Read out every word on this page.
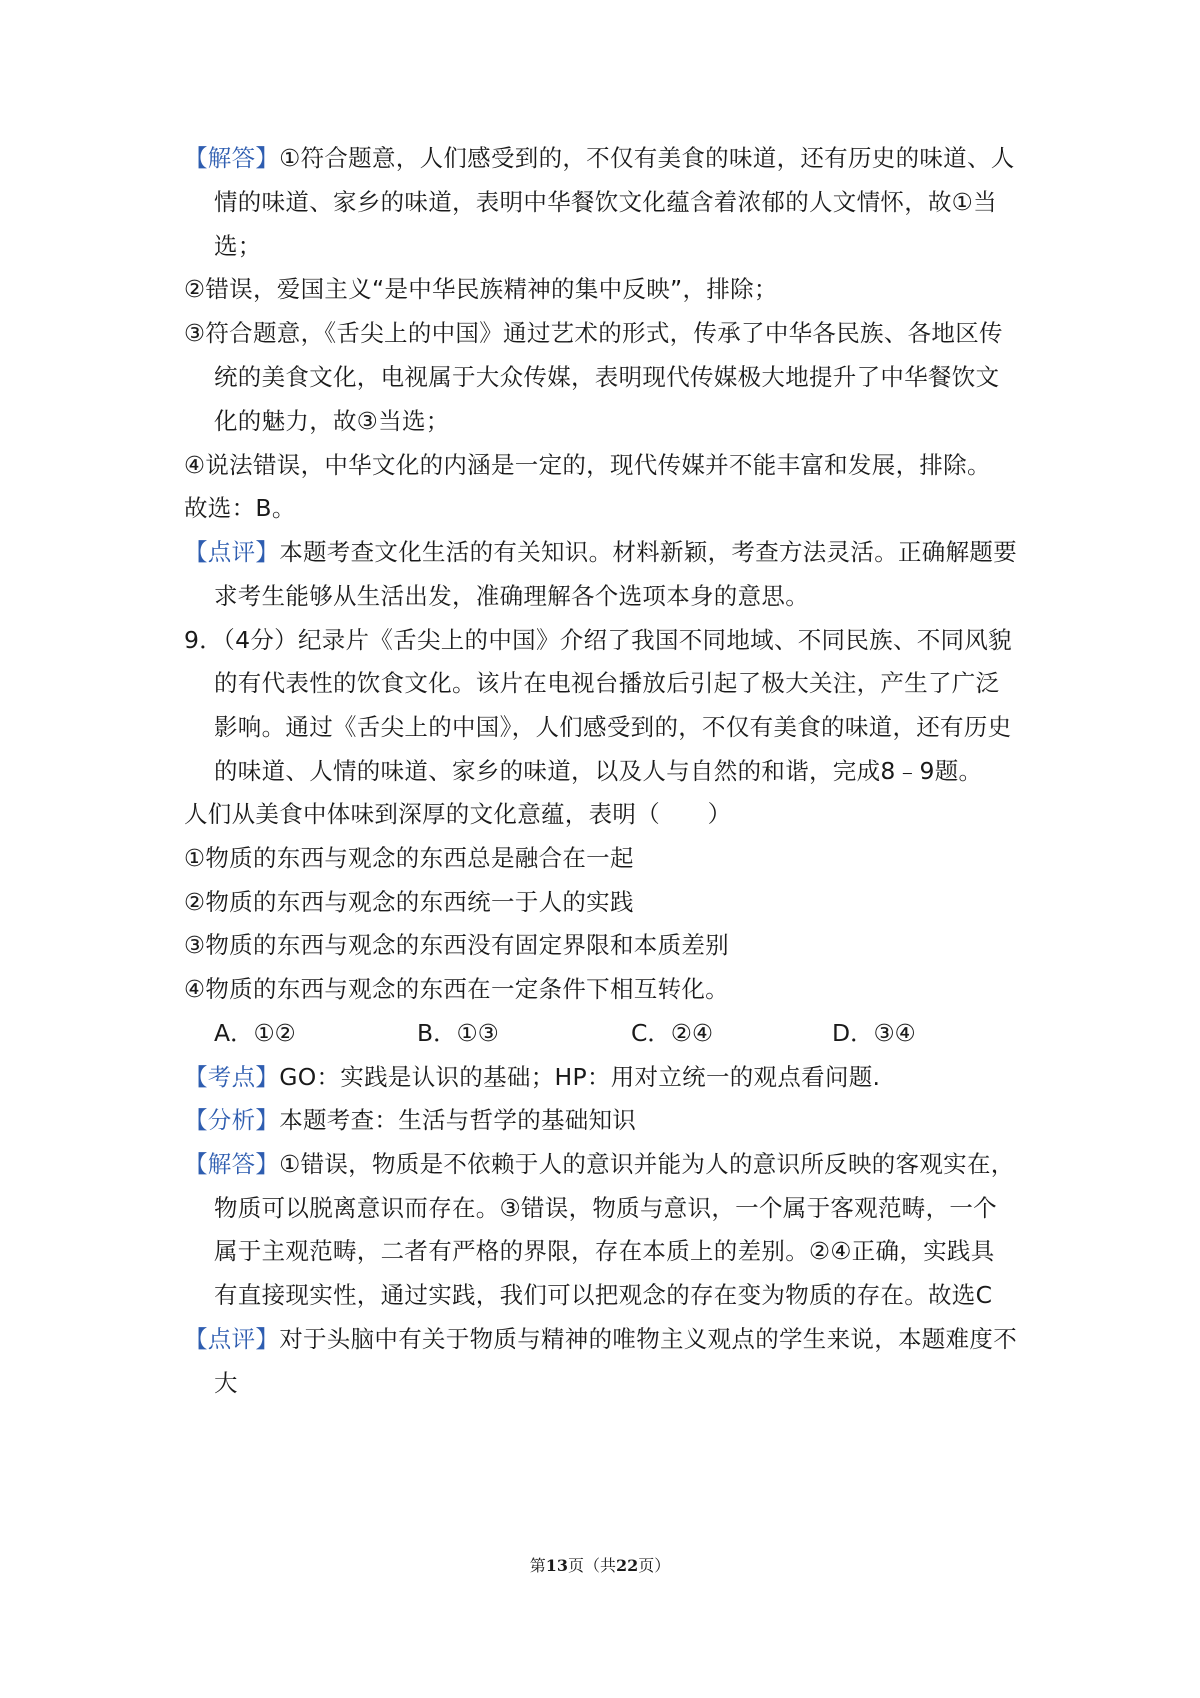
【解答】①符合题意，人们感受到的，不仅有美食的味道，还有历史的味道、人
情的味道、家乡的味道，表明中华餐饮文化蕴含着浓郁的人文情怀，故①当
选；
②错误，爱国主义“是中华民族精神的集中反映”，排除；
③符合题意，《舌尖上的中国》通过艺术的形式，传承了中华各民族、各地区传
统的美食文化，电视属于大众传媒，表明现代传媒极大地提升了中华餐饮文
化的魅力，故③当选；
④说法错误，中华文化的内涵是一定的，现代传媒并不能丰富和发展，排除。
故选：B。
【点评】本题考查文化生活的有关知识。材料新颖，考查方法灵活。正确解题要
求考生能够从生活出发，准确理解各个选项本身的意思。
9．（4分）纪录片《舌尖上的中国》介绍了我国不同地域、不同民族、不同风貌
的有代表性的饮食文化。该片在电视台播放后引起了极大关注，产生了广泛
影响。通过《舌尖上的中国》，人们感受到的，不仅有美食的味道，还有历史
的味道、人情的味道、家乡的味道，以及人与自然的和谐，完成8﹣9题。
人们从美食中体味到深厚的文化意蕴，表明（　　）
①物质的东西与观念的东西总是融合在一起
②物质的东西与观念的东西统一于人的实践
③物质的东西与观念的东西没有固定界限和本质差别
④物质的东西与观念的东西在一定条件下相互转化。
A．①②	B．①③	C．②④	D．③④
【考点】GO：实践是认识的基础；HP：用对立统一的观点看问题.
【分析】本题考查：生活与哲学的基础知识
【解答】①错误，物质是不依赖于人的意识并能为人的意识所反映的客观实在，
物质可以脱离意识而存在。③错误，物质与意识，一个属于客观范畴，一个
属于主观范畴，二者有严格的界限，存在本质上的差别。②④正确，实践具
有直接现实性，通过实践，我们可以把观念的存在变为物质的存在。故选C
【点评】对于头脑中有关于物质与精神的唯物主义观点的学生来说，本题难度不
大
第13页（共22页）
